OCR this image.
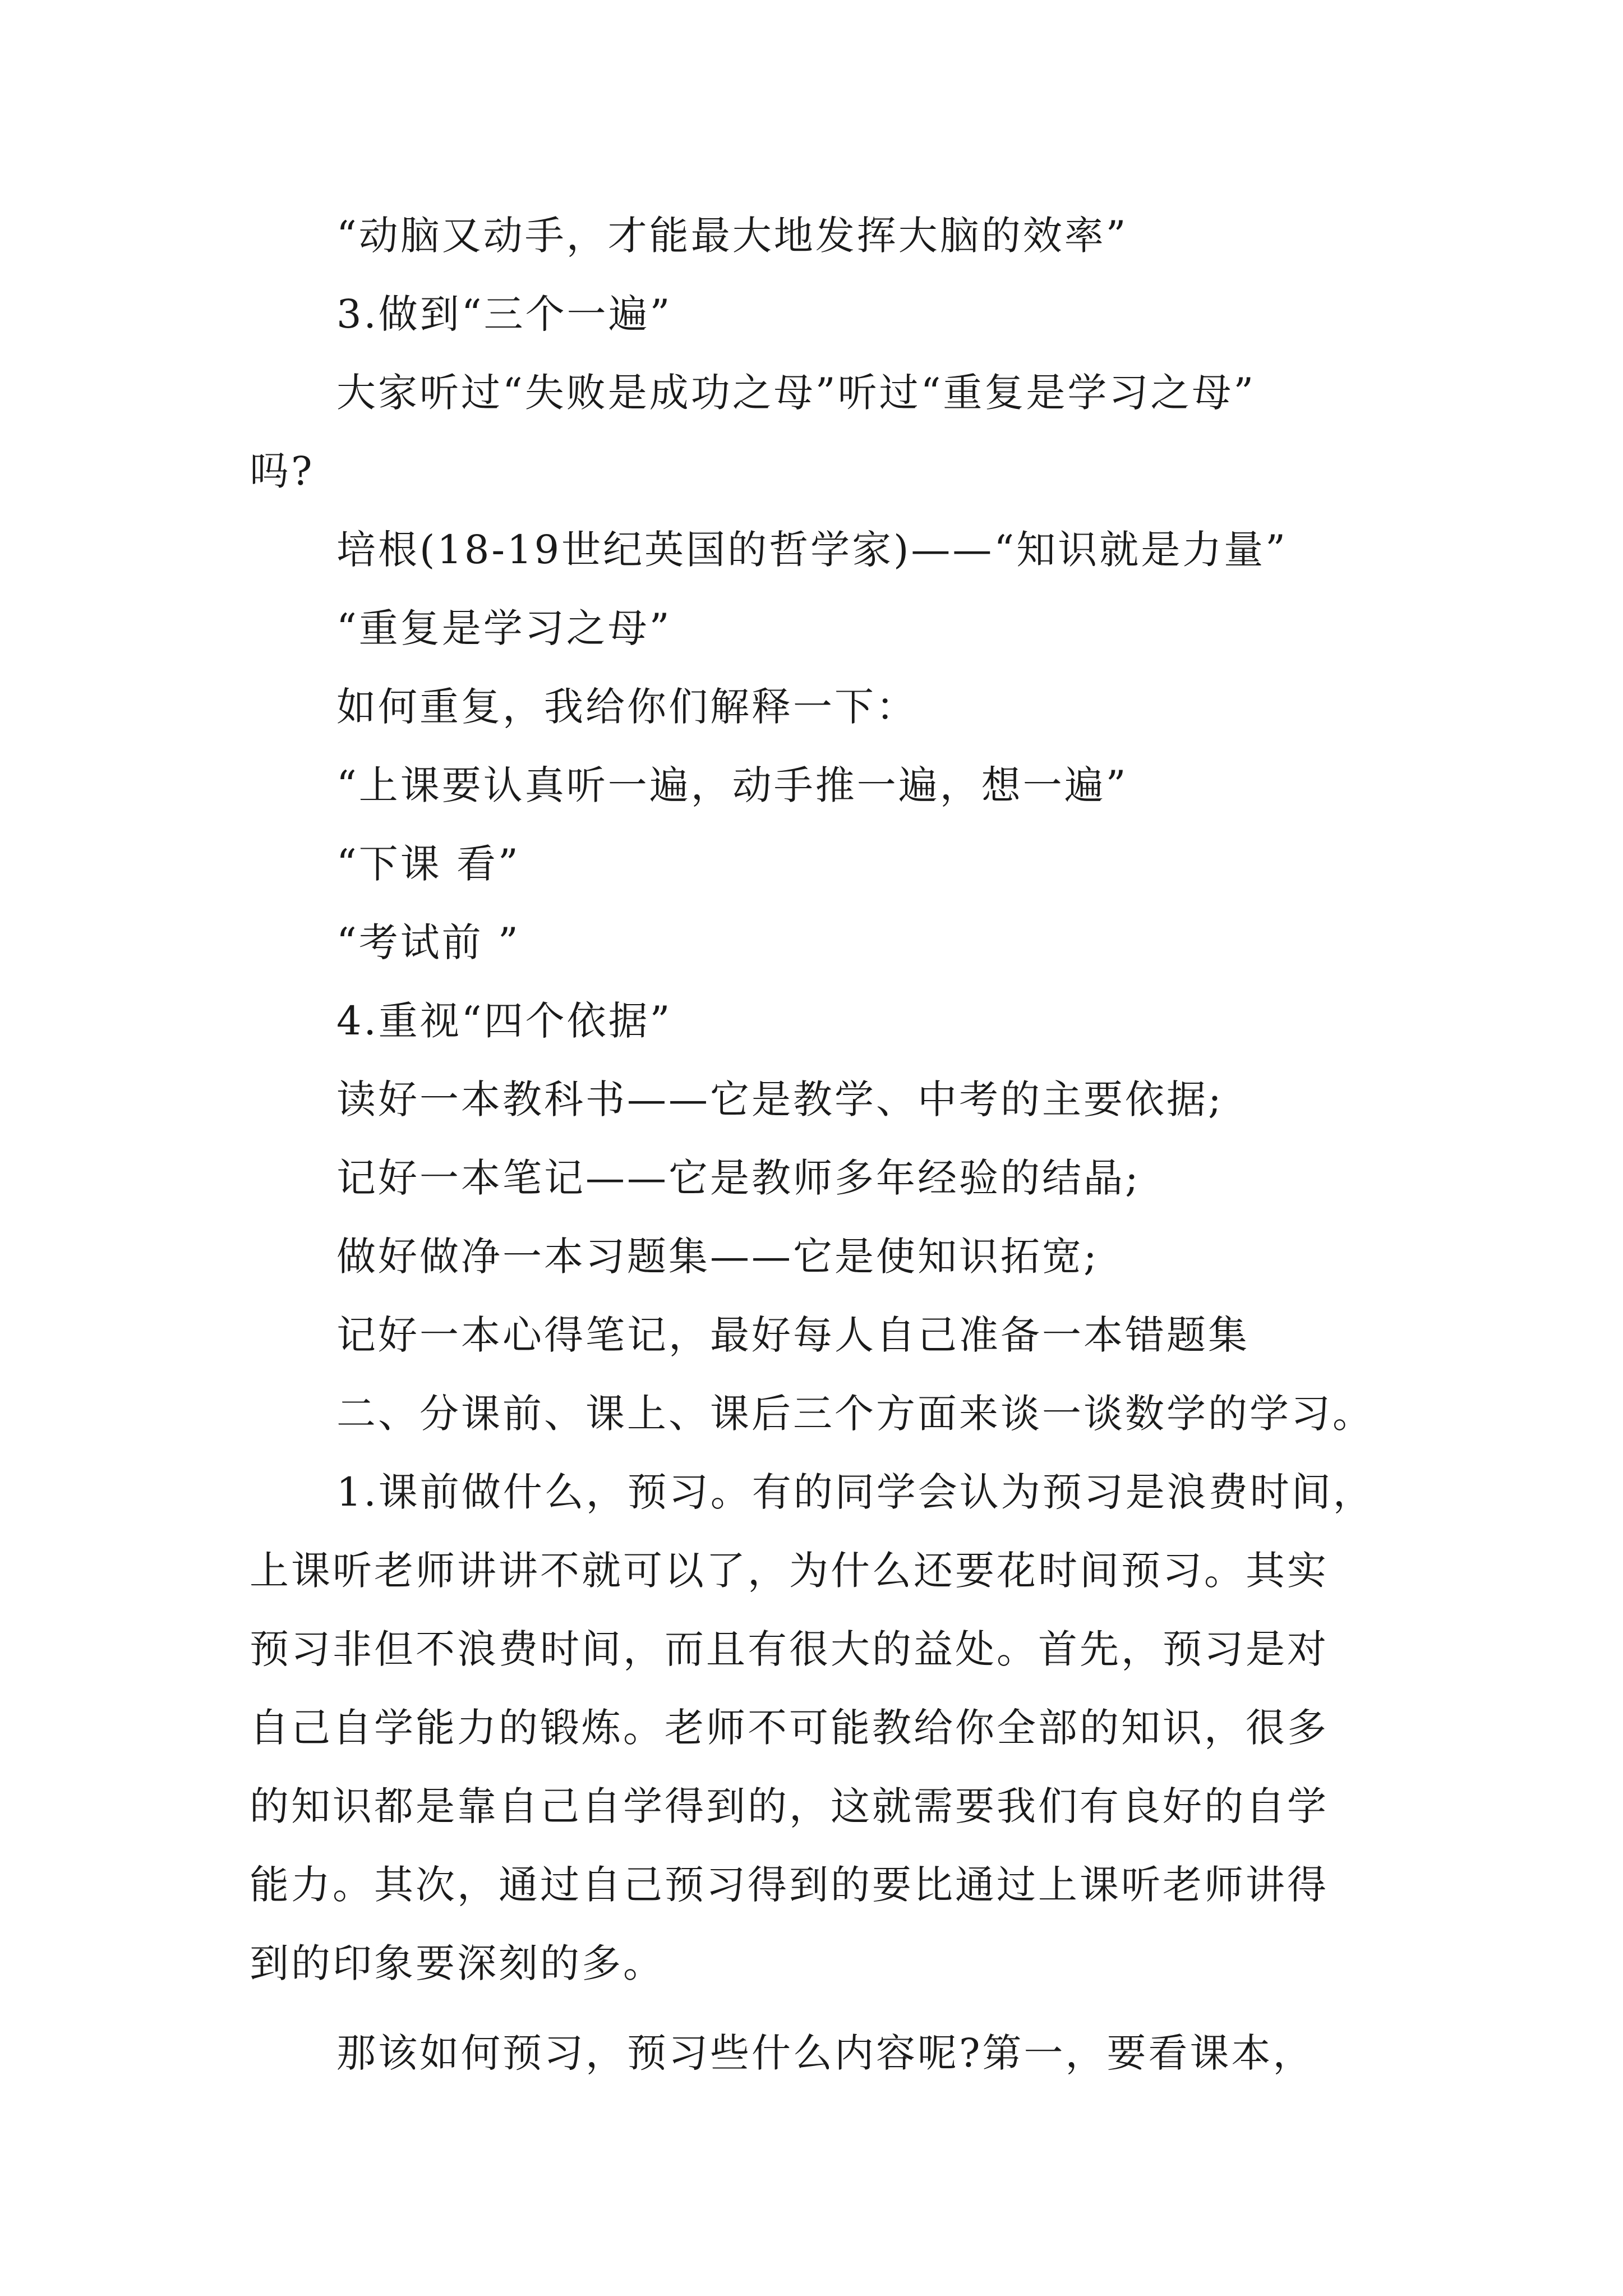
“动脑又动手，才能最大地发挥大脑的效率”
3.做到“三个一遍”
大家听过“失败是成功之母”听过“重复是学习之母”
吗?
培根(18-19世纪英国的哲学家)——“知识就是力量”
“重复是学习之母”
如何重复，我给你们解释一下：
“上课要认真听一遍，动手推一遍，想一遍”
“下课 看”
“考试前 ”
4.重视“四个依据”
读好一本教科书——它是教学、中考的主要依据;
记好一本笔记——它是教师多年经验的结晶;
做好做净一本习题集——它是使知识拓宽;
记好一本心得笔记，最好每人自己准备一本错题集
二、分课前、课上、课后三个方面来谈一谈数学的学习。
1.课前做什么，预习。有的同学会认为预习是浪费时间，
上课听老师讲讲不就可以了，为什么还要花时间预习。其实
预习非但不浪费时间，而且有很大的益处。首先，预习是对
自己自学能力的锻炼。老师不可能教给你全部的知识，很多
的知识都是靠自己自学得到的，这就需要我们有良好的自学
能力。其次，通过自己预习得到的要比通过上课听老师讲得
到的印象要深刻的多。
那该如何预习，预习些什么内容呢?第一，要看课本，
